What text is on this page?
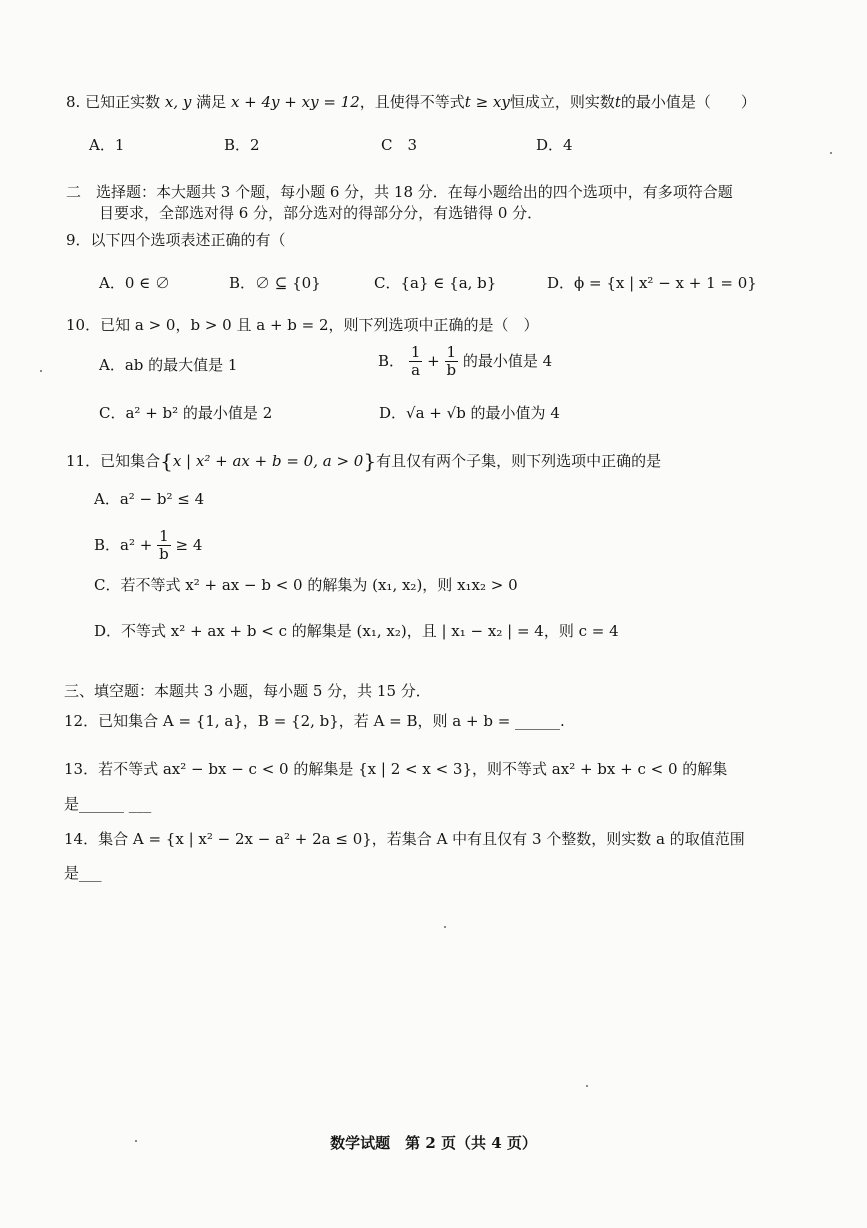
8. 已知正实数 x, y 满足 x + 4y + xy = 12，且使得不等式t ≥ xy恒成立，则实数t的最小值是（　　）
A．1	B．2	C　3	D．4
二　选择题：本大题共 3 个题，每小题 6 分，共 18 分．在每小题给出的四个选项中，有多项符合题
目要求，全部选对得 6 分，部分选对的得部分分，有选错得 0 分．
9．以下四个选项表述正确的有（
A．0 ∈ ∅	B．∅ ⊆ {0}	C．{a} ∈ {a, b}	D．ϕ = {x | x² − x + 1 = 0}
10．已知 a > 0，b > 0 且 a + b = 2，则下列选项中正确的是（　）
A．ab 的最大值是 1	B． $\frac{1}{a} + \frac{1}{b}$ 的最小值是 4
C．a² + b² 的最小值是 2	D．√a + √b 的最小值为 4
11．已知集合{x | x² + ax + b = 0, a > 0}有且仅有两个子集，则下列选项中正确的是
A．a² − b² ≤ 4
B．$a^2 + \frac{1}{b} \ge 4$
C．若不等式 x² + ax − b < 0 的解集为 (x₁, x₂)，则 x₁x₂ > 0
D．不等式 x² + ax + b < c 的解集是 (x₁, x₂)，且 | x₁ − x₂ | = 4，则 c = 4
三、填空题：本题共 3 小题，每小题 5 分，共 15 分．
12．已知集合 A = {1, a}，B = {2, b}，若 A = B，则 a + b = ______.
13．若不等式 ax² − bx − c < 0 的解集是 {x | 2 < x < 3}，则不等式 ax² + bx + c < 0 的解集
是______ ___
14．集合 A = {x | x² − 2x − a² + 2a ≤ 0}，若集合 A 中有且仅有 3 个整数，则实数 a 的取值范围
是___
数学试题　第 2 页（共 4 页）
